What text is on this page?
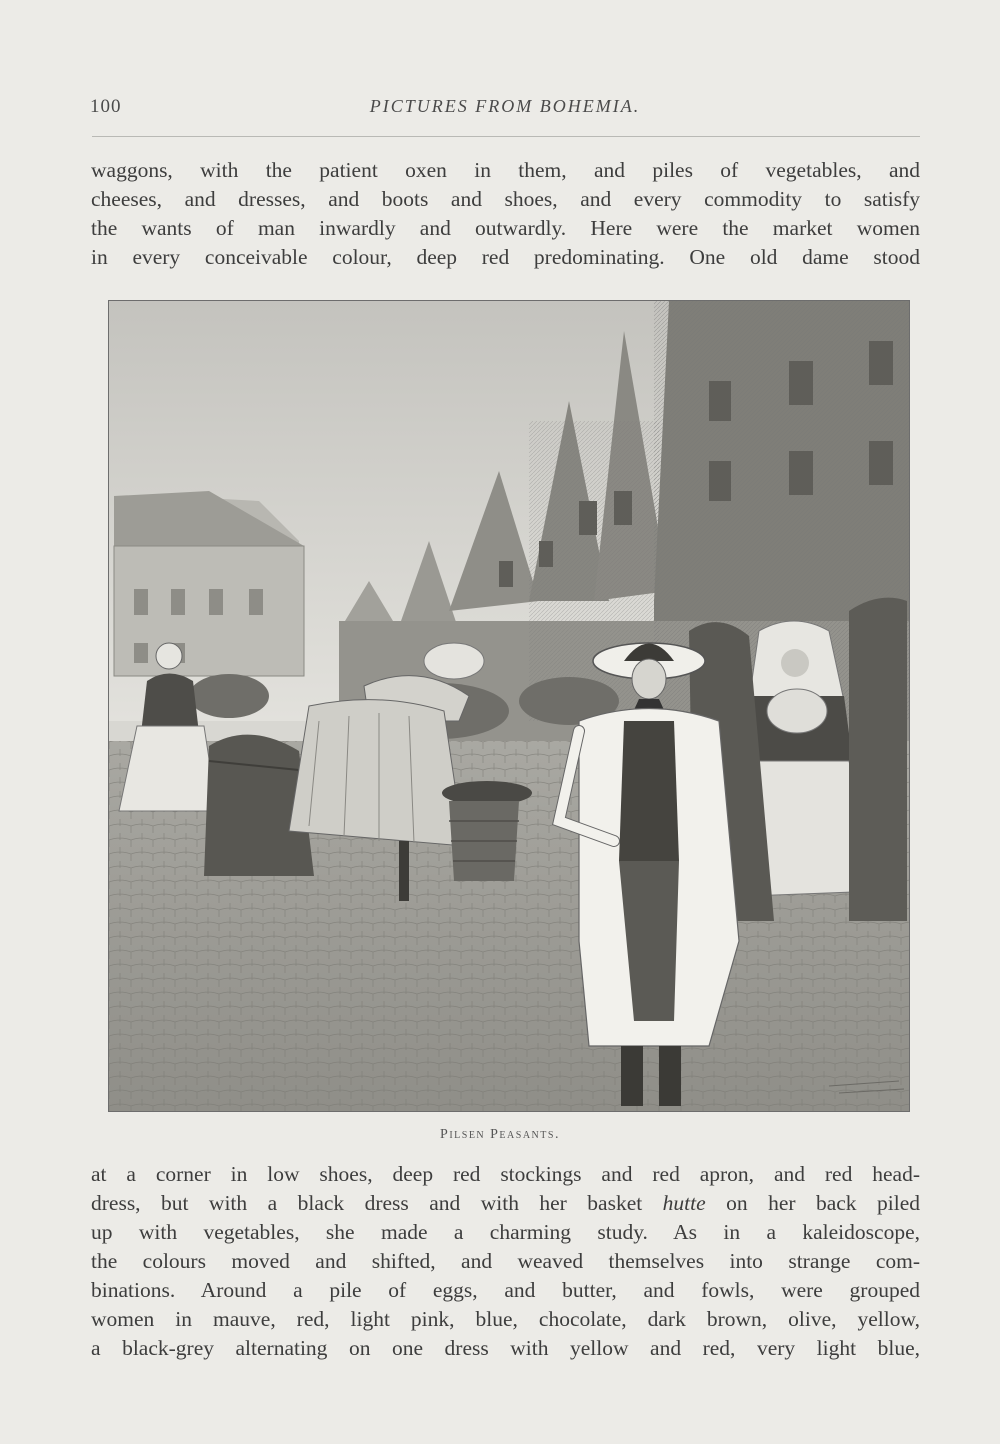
100	PICTURES FROM BOHEMIA.
waggons, with the patient oxen in them, and piles of vegetables, and
cheeses, and dresses, and boots and shoes, and every commodity to satisfy
the wants of man inwardly and outwardly. Here were the market women
in every conceivable colour, deep red predominating. One old dame stood
Pilsen Peasants.
at a corner in low shoes, deep red stockings and red apron, and red head-
dress, but with a black dress and with her basket hutte on her back piled
up with vegetables, she made a charming study. As in a kaleidoscope,
the colours moved and shifted, and weaved themselves into strange com-
binations. Around a pile of eggs, and butter, and fowls, were grouped
women in mauve, red, light pink, blue, chocolate, dark brown, olive, yellow,
a black-grey alternating on one dress with yellow and red, very light blue,
